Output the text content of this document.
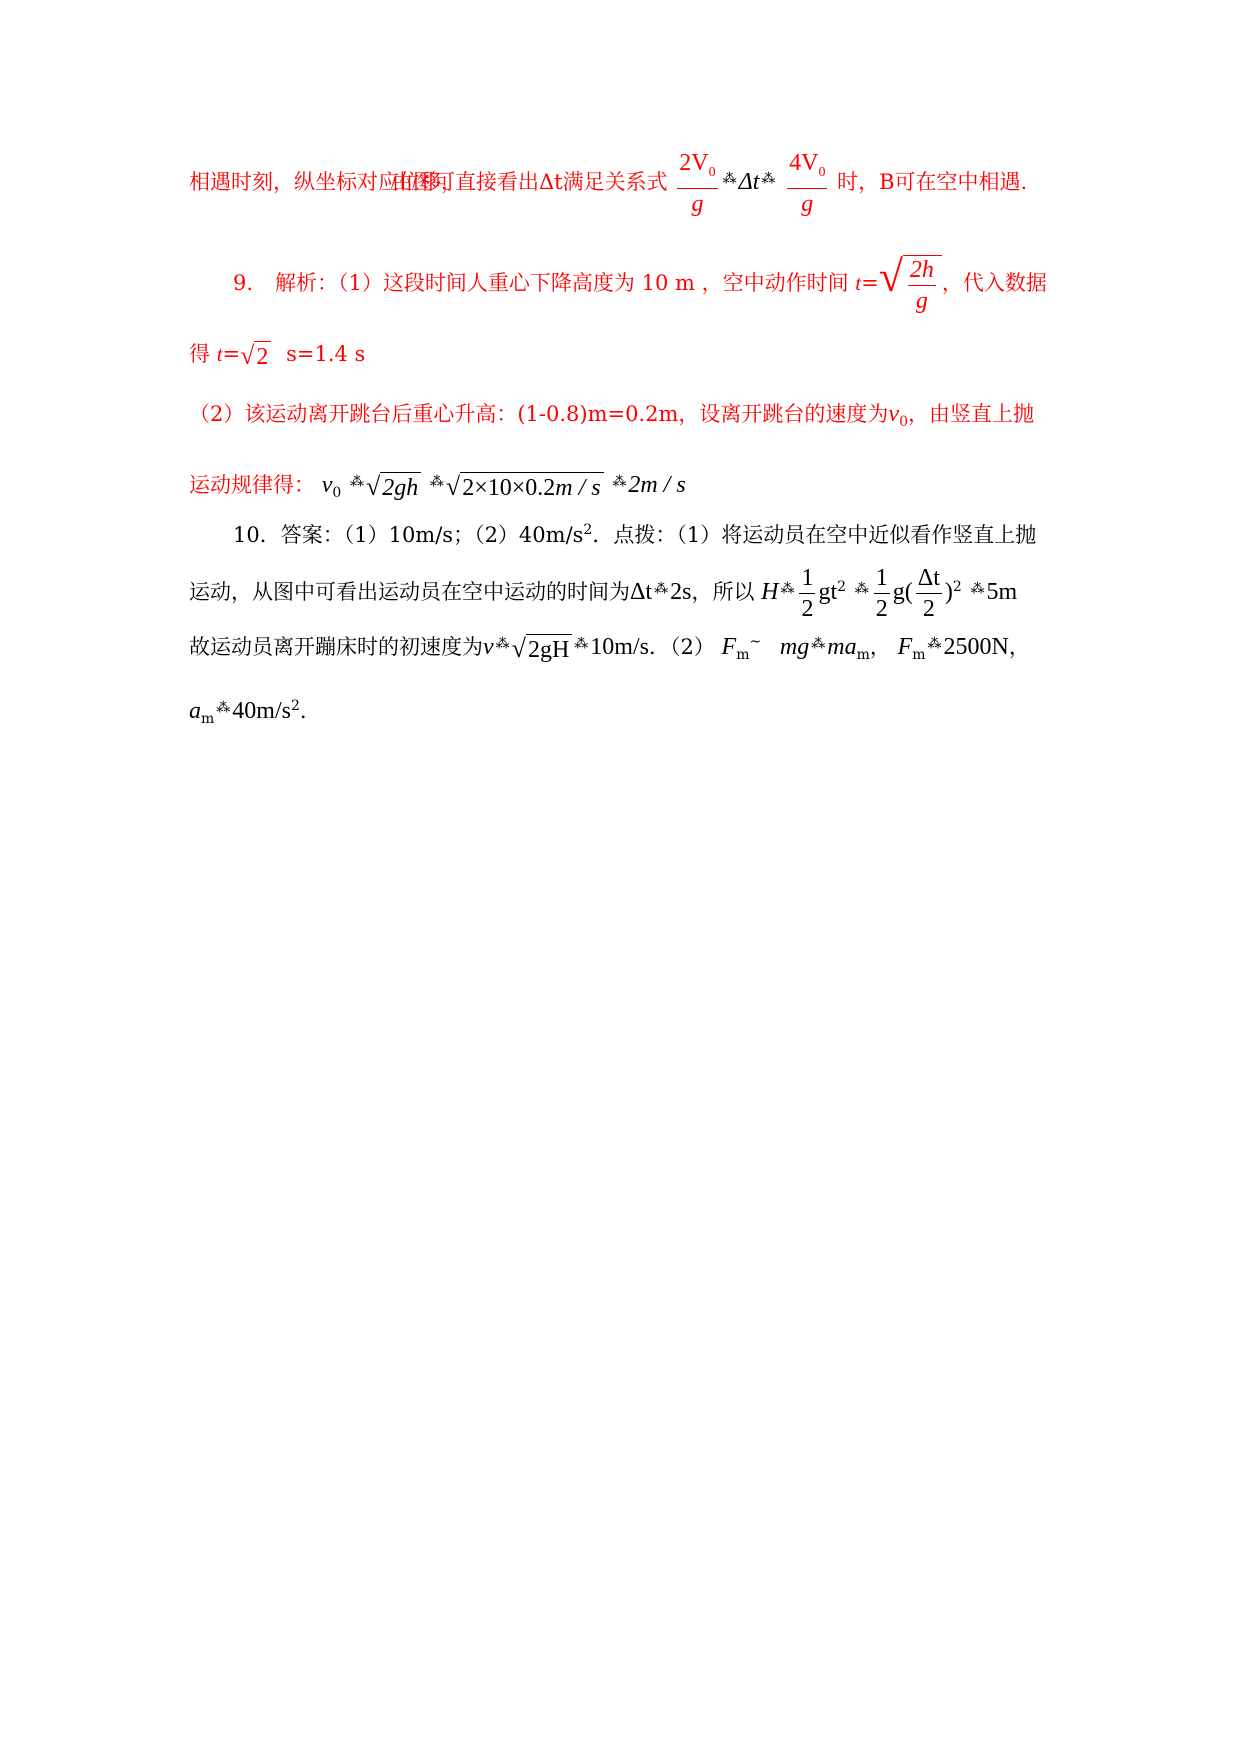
相遇时刻，纵坐标对应位移，由图可直接看出Δt满足关系式 $\frac{2V_0}{g} ^⁂\Delta t$ $^⁂ \frac{4V_0}{g}$ 时，B可在空中相遇.
9. 解析：（1）这段时间人重心下降高度为 10 m ，空中动作时间 $t=√ \frac{2h}{g}$ ，代入数据
得 t=√2 s=1.4 s
（2）该运动离开跳台后重心升高：(1-0.8)m=0.2m，设离开跳台的速度为$v_0$，由竖直上抛
运动规律得： $v_0$ ⁂√2gh ⁂√2×10×0.2m / s ⁂2m / s
10．答案：（1）10m/s；$(2)40m/s^2$．点拨：（1）将运动员在空中近似看作竖直上抛
运动，从图中可看出运动员在空中运动的时间为Δt ⁂2s，所以 H $^⁂ \frac{1}{2} gt^2$ $^⁂ \frac{1}{2} g( \frac{\Delta t}{2} )^2$ ⁂5m
故运动员离开蹦床时的初速度为v ⁂√2gH ⁂10m/s．（2） $F_m^\sim$ mg $^⁂ma_m$， $F_m^⁂2500N$，
$a_m^⁂40m/s^2$.
